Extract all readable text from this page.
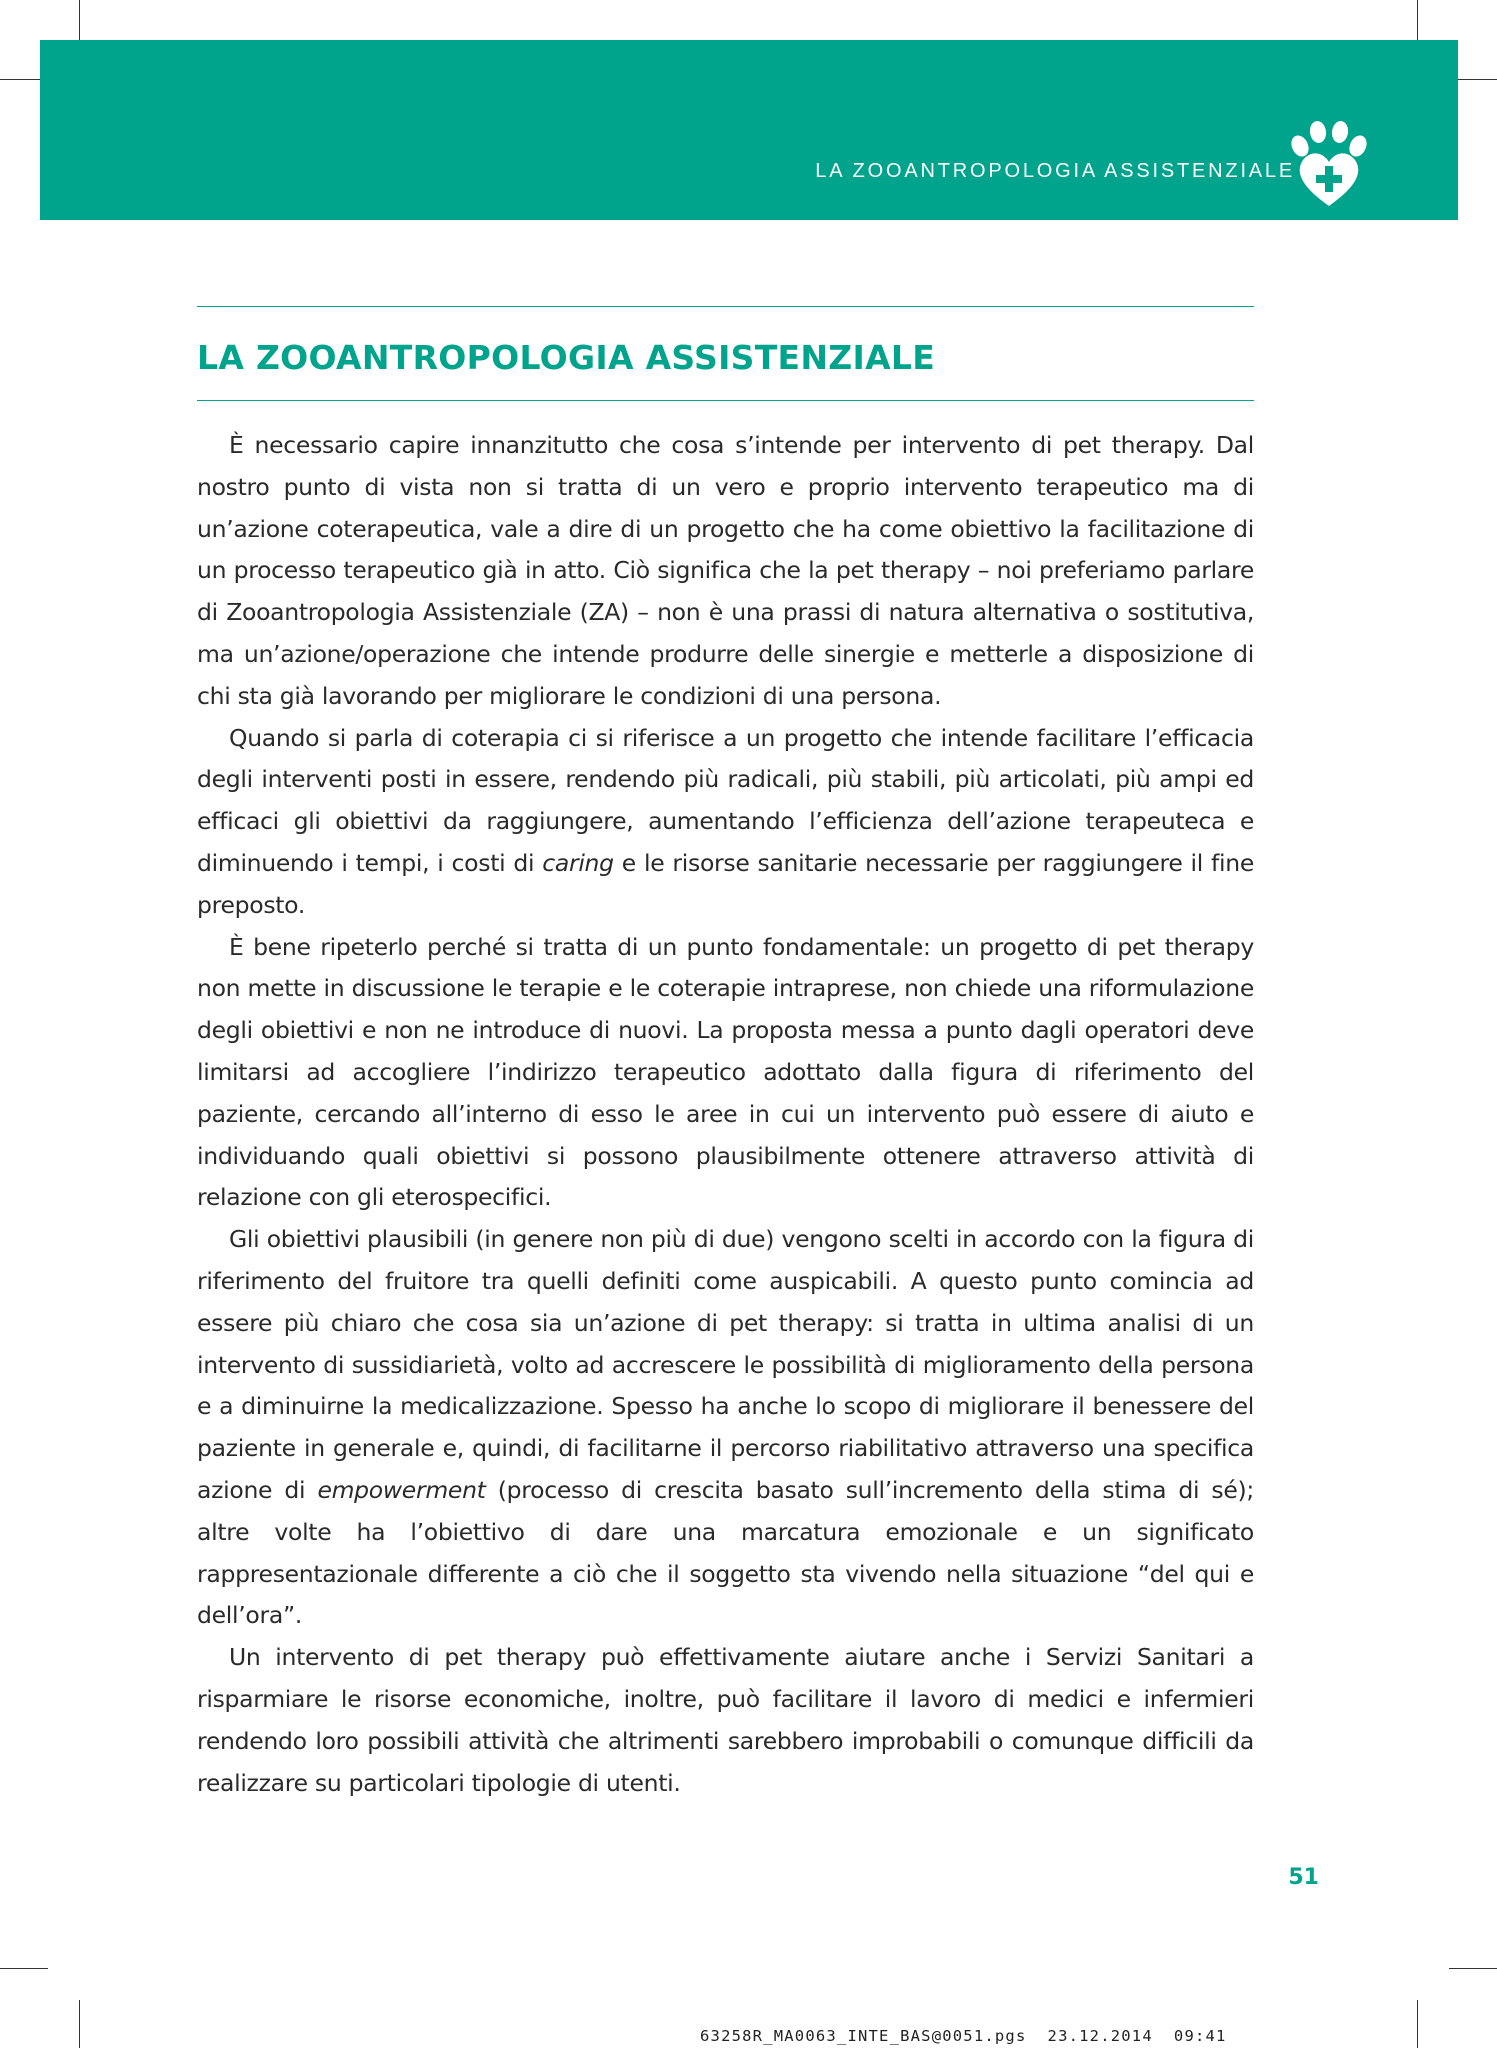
LA ZOOANTROPOLOGIA ASSISTENZIALE
LA ZOOANTROPOLOGIA ASSISTENZIALE

È necessario capire innanzitutto che cosa s’intende per intervento di pet therapy. Dal nostro punto di vista non si tratta di un vero e proprio intervento terapeutico ma di un’azione coterapeutica, vale a dire di un progetto che ha come obiettivo la facilitazione di un processo terapeutico già in atto. Ciò significa che la pet therapy – noi preferiamo parlare di Zooantropologia Assistenziale (ZA) – non è una prassi di natura alternativa o sostitutiva, ma un’azione/operazione che intende produrre delle sinergie e metterle a disposizione di chi sta già lavorando per migliorare le condizioni di una persona.

Quando si parla di coterapia ci si riferisce a un progetto che intende facilitare l’efficacia degli interventi posti in essere, rendendo più radicali, più stabili, più articolati, più ampi ed efficaci gli obiettivi da raggiungere, aumentando l’efficienza dell’azione terapeuteca e diminuendo i tempi, i costi di caring e le risorse sanitarie necessarie per raggiungere il fine preposto.

È bene ripeterlo perché si tratta di un punto fondamentale: un progetto di pet therapy non mette in discussione le terapie e le coterapie intraprese, non chiede una riformulazione degli obiettivi e non ne introduce di nuovi. La proposta messa a punto dagli operatori deve limitarsi ad accogliere l’indirizzo terapeutico adottato dalla figura di riferimento del paziente, cercando all’interno di esso le aree in cui un intervento può essere di aiuto e individuando quali obiettivi si possono plausibilmente ottenere attraverso attività di relazione con gli eterospecifici.

Gli obiettivi plausibili (in genere non più di due) vengono scelti in accordo con la figura di riferimento del fruitore tra quelli definiti come auspicabili. A questo punto comincia ad essere più chiaro che cosa sia un’azione di pet therapy: si tratta in ultima analisi di un intervento di sussidiarietà, volto ad accrescere le possibilità di miglioramento della persona e a diminuirne la medicalizzazione. Spesso ha anche lo scopo di migliorare il benessere del paziente in generale e, quindi, di facilitarne il percorso riabilitativo attraverso una specifica azione di empowerment (processo di crescita basato sull’incremento della stima di sé); altre volte ha l’obiettivo di dare una marcatura emozionale e un significato rappresentazionale differente a ciò che il soggetto sta vivendo nella situazione “del qui e dell’ora”.

Un intervento di pet therapy può effettivamente aiutare anche i Servizi Sanitari a risparmiare le risorse economiche, inoltre, può facilitare il lavoro di medici e infermieri rendendo loro possibili attività che altrimenti sarebbero improbabili o comunque difficili da realizzare su particolari tipologie di utenti.

51
63258R_MA0063_INTE_BAS@0051.pgs  23.12.2014  09:41
